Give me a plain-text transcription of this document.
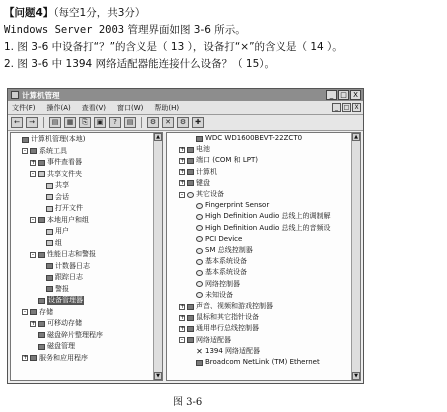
【问题4】（每空1分，共3分）
Windows Server 2003 管理界面如图 3-6 所示。
1. 图 3-6 中设备打“？”的含义是（ 13 ），设备打“×”的含义是（ 14 ）。
2. 图 3-6 中 1394 网络适配器能连接什么设备？（ 15）。
计算机管理	_ □ X
文件(F) 操作(A) 查看(V) 窗口(W) 帮助(H)	_ □ X
←	→	▤	▦	⎘	▣	?	▤	⚙	✕	⚙	✚
▲
▼
计算机管理(本地)
- 系统工具
+ 事件查看器
- 共享文件夹
共享
会话
打开文件
- 本地用户和组
用户
组
- 性能日志和警报
计数器日志
跟踪日志
警报
设备管理器
- 存储
+ 可移动存储
磁盘碎片整理程序
磁盘管理
+ 服务和应用程序
▲
▼
WDC WD1600BEVT-22ZCT0
+ 电池
+ 端口 (COM 和 LPT)
+ 计算机
+ 键盘
- 其它设备
Fingerprint Sensor
High Definition Audio 总线上的调制解
High Definition Audio 总线上的音频设
PCI Device
SM 总线控制器
基本系统设备
基本系统设备
网络控制器
未知设备
+ 声音、视频和游戏控制器
+ 鼠标和其它指针设备
+ 通用串行总线控制器
- 网络适配器
✕ 1394 网络适配器
Broadcom NetLink (TM) Ethernet
图 3-6
